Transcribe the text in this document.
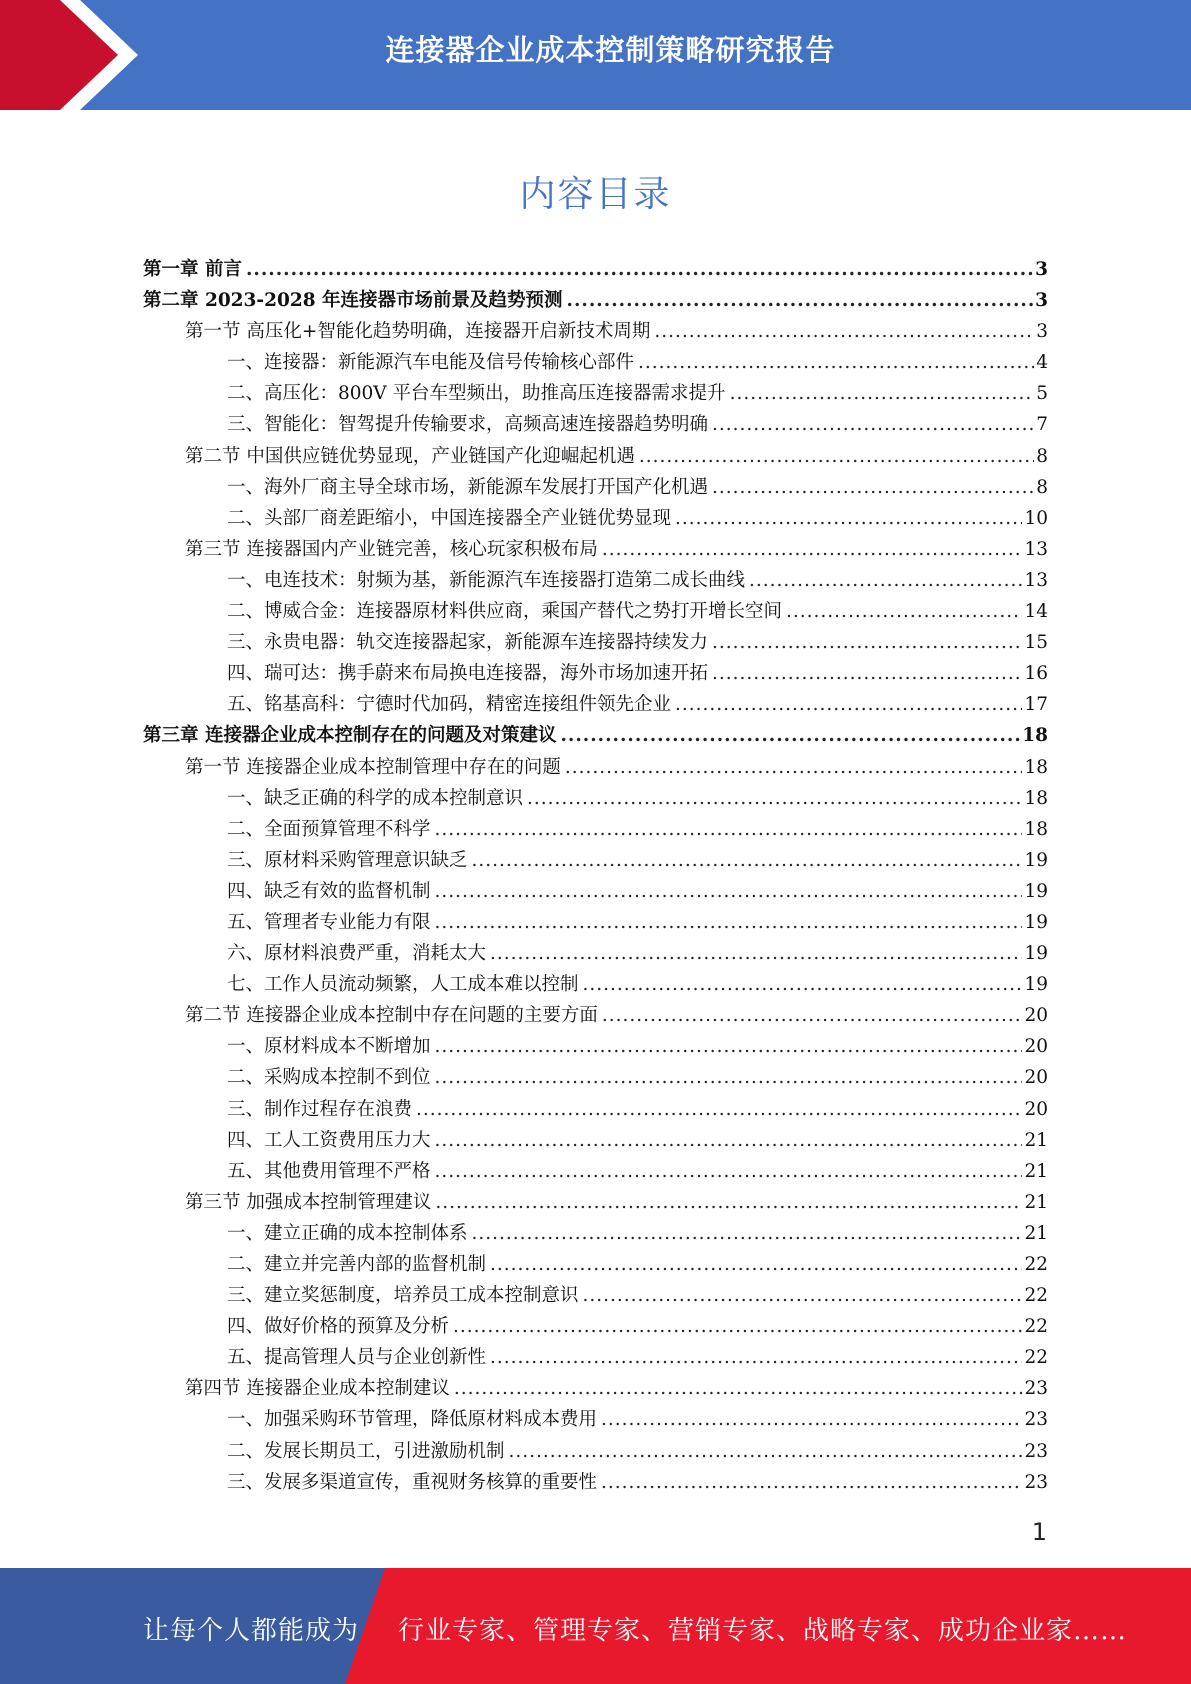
连接器企业成本控制策略研究报告
内容目录
第一章 前言 .....	3
第二章 2023-2028 年连接器市场前景及趋势预测 .....	3
第一节 高压化+智能化趋势明确，连接器开启新技术周期 .....	3
一、连接器：新能源汽车电能及信号传输核心部件 .....	4
二、高压化：800V 平台车型频出，助推高压连接器需求提升 .....	5
三、智能化：智驾提升传输要求，高频高速连接器趋势明确 .....	7
第二节 中国供应链优势显现，产业链国产化迎崛起机遇 .....	8
一、海外厂商主导全球市场，新能源车发展打开国产化机遇 .....	8
二、头部厂商差距缩小，中国连接器全产业链优势显现 .....	10
第三节 连接器国内产业链完善，核心玩家积极布局 .....	13
一、电连技术：射频为基，新能源汽车连接器打造第二成长曲线 .....	13
二、博威合金：连接器原材料供应商，乘国产替代之势打开增长空间 .....	14
三、永贵电器：轨交连接器起家，新能源车连接器持续发力 .....	15
四、瑞可达：携手蔚来布局换电连接器，海外市场加速开拓 .....	16
五、铭基高科：宁德时代加码，精密连接组件领先企业 .....	17
第三章 连接器企业成本控制存在的问题及对策建议 .....	18
第一节 连接器企业成本控制管理中存在的问题 .....	18
一、缺乏正确的科学的成本控制意识 .....	18
二、全面预算管理不科学 .....	18
三、原材料采购管理意识缺乏 .....	19
四、缺乏有效的监督机制 .....	19
五、管理者专业能力有限 .....	19
六、原材料浪费严重，消耗太大 .....	19
七、工作人员流动频繁，人工成本难以控制 .....	19
第二节 连接器企业成本控制中存在问题的主要方面 .....	20
一、原材料成本不断增加 .....	20
二、采购成本控制不到位 .....	20
三、制作过程存在浪费 .....	20
四、工人工资费用压力大 .....	21
五、其他费用管理不严格 .....	21
第三节 加强成本控制管理建议 .....	21
一、建立正确的成本控制体系 .....	21
二、建立并完善内部的监督机制 .....	22
三、建立奖惩制度，培养员工成本控制意识 .....	22
四、做好价格的预算及分析 .....	22
五、提高管理人员与企业创新性 .....	22
第四节 连接器企业成本控制建议 .....	23
一、加强采购环节管理，降低原材料成本费用 .....	23
二、发展长期员工，引进激励机制 .....	23
三、发展多渠道宣传，重视财务核算的重要性 .....	23
1
让每个人都能成为 行业专家、管理专家、营销专家、战略专家、成功企业家……
